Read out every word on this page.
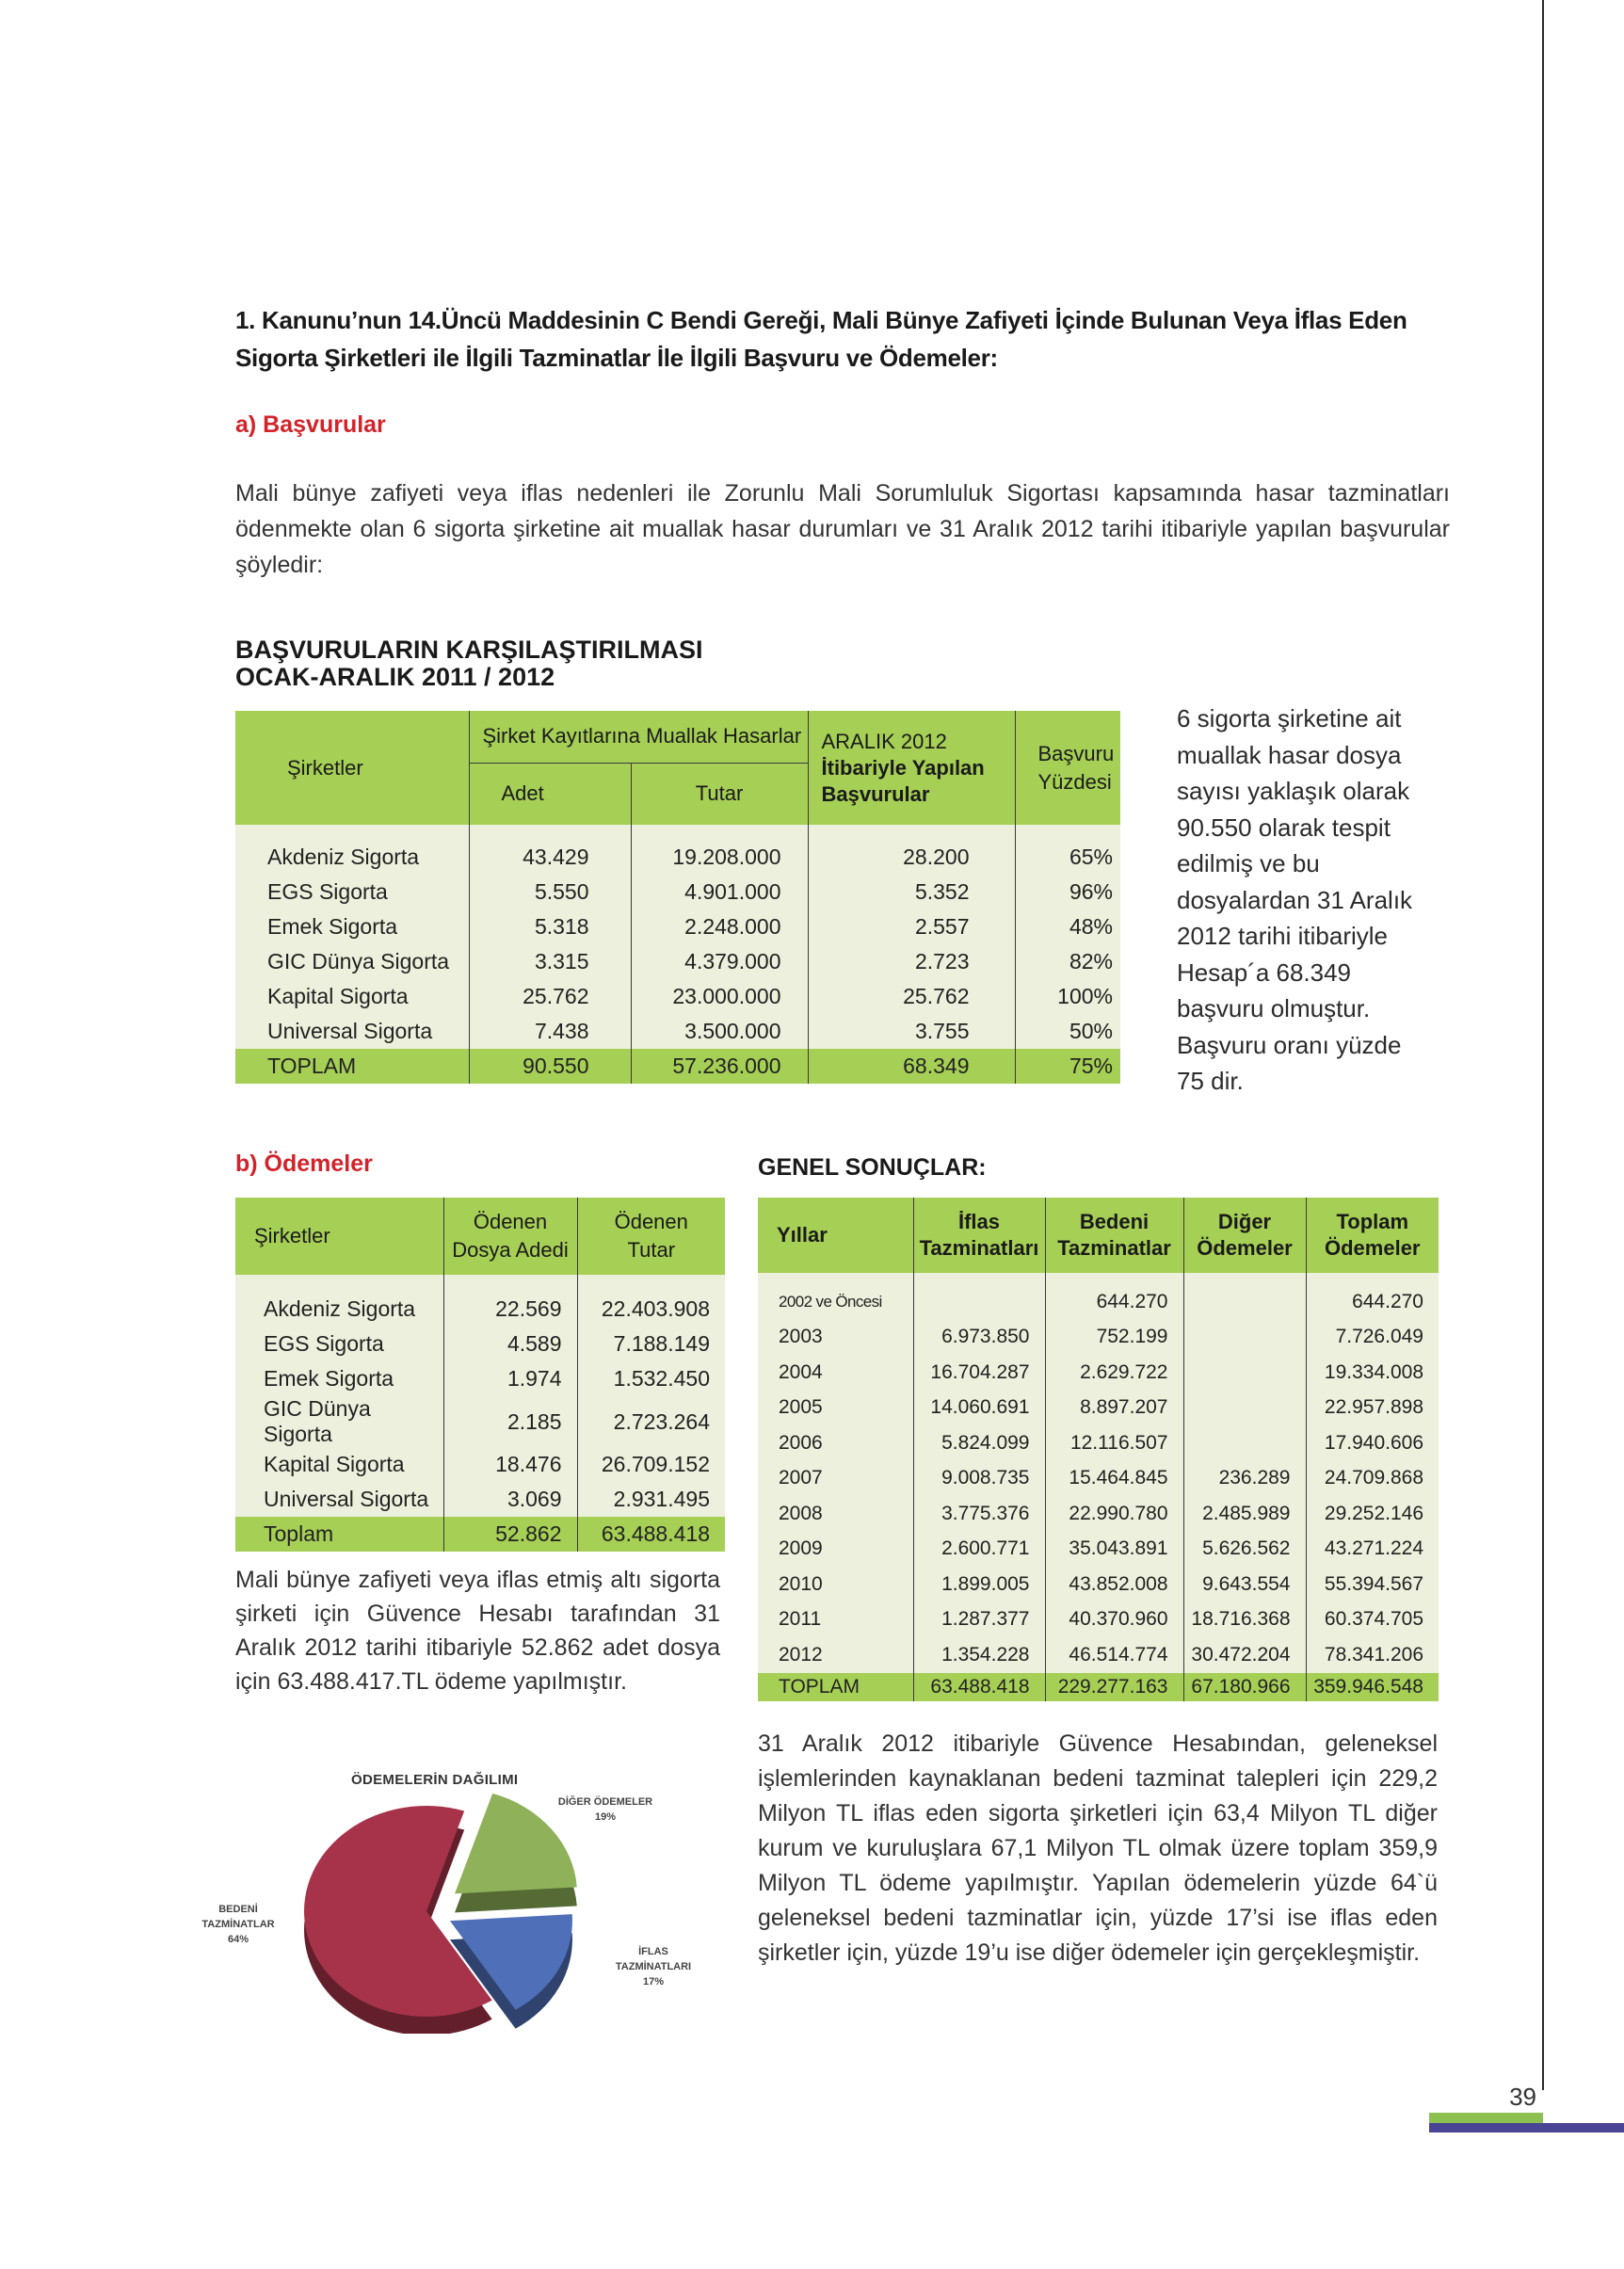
1. Kanunu’nun 14.Üncü Maddesinin C Bendi Gereği, Mali Bünye Zafiyeti İçinde Bulunan Veya İflas Eden Sigorta Şirketleri ile İlgili Tazminatlar İle İlgili Başvuru ve Ödemeler:
a) Başvurular
Mali bünye zafiyeti veya iflas nedenleri ile Zorunlu Mali Sorumluluk Sigortası kapsamında hasar tazminatları ödenmekte olan 6 sigorta şirketine ait muallak hasar durumları ve 31 Aralık 2012 tarihi itibariyle yapılan başvurular şöyledir:
BAŞVURULARIN KARŞILAŞTIRILMASI
OCAK-ARALIK 2011 / 2012
Şirketler	Şirket Kayıtlarına Muallak Hasarlar	ARALIK 2012
İtibariyle Yapılan
Başvurular

Başvuru
Yüzdesi

	Adet	Tutar		

Akdeniz Sigorta	43.429	19.208.000	28.200	65%
EGS Sigorta	5.550	4.901.000	5.352	96%
Emek Sigorta	5.318	2.248.000	2.557	48%
GIC Dünya Sigorta	3.315	4.379.000	2.723	82%
Kapital Sigorta	25.762	23.000.000	25.762	100%
Universal Sigorta	7.438	3.500.000	3.755	50%
TOPLAM	90.550	57.236.000	68.349	75%
6 sigorta şirketine ait muallak hasar dosya sayısı yaklaşık olarak 90.550 olarak tespit edilmiş ve bu dosyalardan 31 Aralık 2012 tarihi itibariyle Hesap´a 68.349 başvuru olmuştur. Başvuru oranı yüzde 75 dir.
b) Ödemeler
Şirketler	
Ödenen
Dosya Adedi

Ödenen
Tutar

Akdeniz Sigorta	22.569	22.403.908
EGS Sigorta	4.589	7.188.149
Emek Sigorta	1.974	1.532.450
GIC Dünya Sigorta	2.185	2.723.264
Kapital Sigorta	18.476	26.709.152
Universal Sigorta	3.069	2.931.495
Toplam	52.862	63.488.418
Mali bünye zafiyeti veya iflas etmiş altı sigorta şirketi için Güvence Hesabı tarafından 31 Aralık 2012 tarihi itibariyle 52.862 adet dosya için 63.488.417.TL ödeme yapılmıştır.
ÖDEMELERİN DAĞILIMI
BEDENİ TAZMİNATLAR
64%
DİĞER ÖDEMELER
19%
İFLAS TAZMİNATLARI
17%
GENEL SONUÇLAR:
Yıllar	
İflas
Tazminatları

Bedeni
Tazminatlar

Diğer
Ödemeler

Toplam
Ödemeler

2002 ve Öncesi		644.270		644.270
2003	6.973.850	752.199		7.726.049
2004	16.704.287	2.629.722		19.334.008
2005	14.060.691	8.897.207		22.957.898
2006	5.824.099	12.116.507		17.940.606
2007	9.008.735	15.464.845	236.289	24.709.868
2008	3.775.376	22.990.780	2.485.989	29.252.146
2009	2.600.771	35.043.891	5.626.562	43.271.224
2010	1.899.005	43.852.008	9.643.554	55.394.567
2011	1.287.377	40.370.960	18.716.368	60.374.705
2012	1.354.228	46.514.774	30.472.204	78.341.206
TOPLAM	63.488.418	229.277.163	67.180.966	359.946.548
31 Aralık 2012 itibariyle Güvence Hesabından, geleneksel işlemlerinden kaynaklanan bedeni tazminat talepleri için 229,2 Milyon TL iflas eden sigorta şirketleri için 63,4 Milyon TL diğer kurum ve kuruluşlara 67,1 Milyon TL olmak üzere toplam 359,9 Milyon TL ödeme yapılmıştır. Yapılan ödemelerin yüzde 64`ü geleneksel bedeni tazminatlar için, yüzde 17’si ise iflas eden şirketler için, yüzde 19’u ise diğer ödemeler için gerçekleşmiştir.
39
